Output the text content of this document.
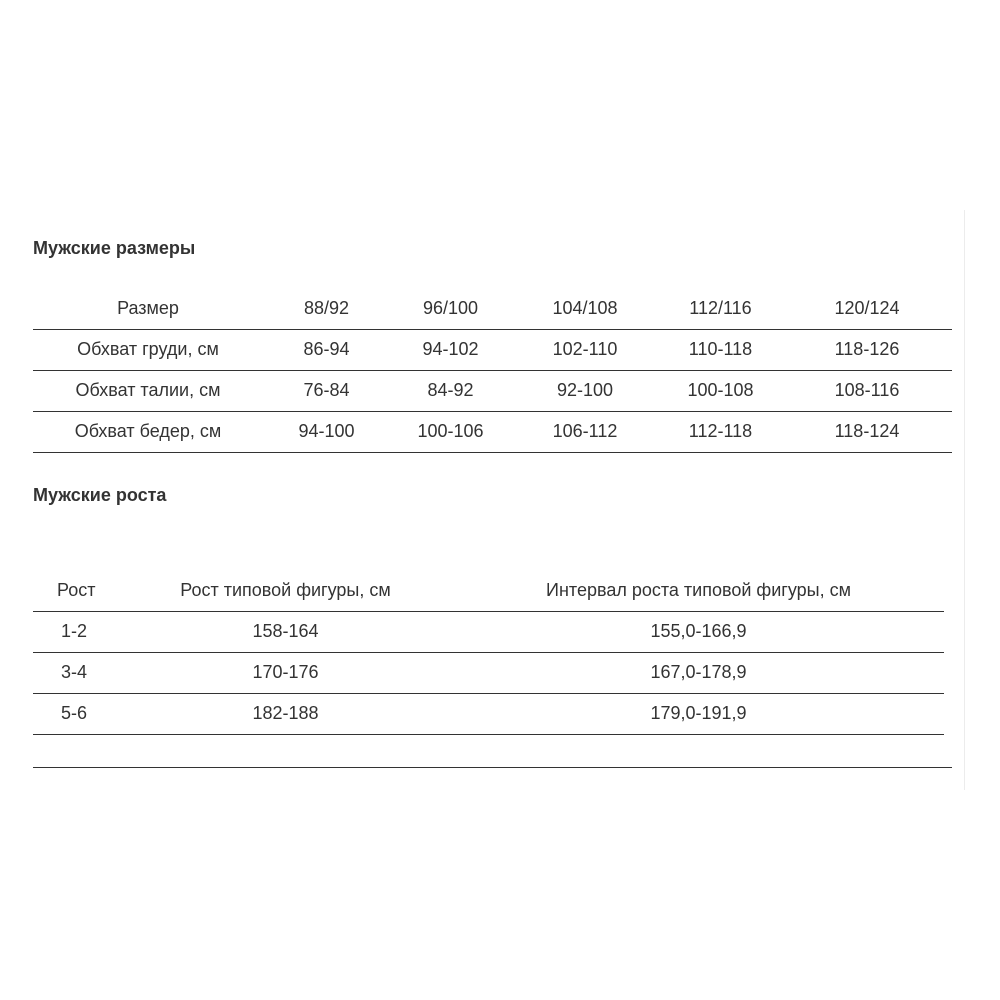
Мужские размеры
Размер	88/92	96/100	104/108	112/116	120/124
Обхват груди, см	86-94	94-102	102-110	110-118	118-126
Обхват талии, см	76-84	84-92	92-100	100-108	108-116
Обхват бедер, см	94-100	100-106	106-112	112-118	118-124
Мужские роста
Рост	Рост типовой фигуры, см	Интервал роста типовой фигуры, см
1-2	158-164	155,0-166,9
3-4	170-176	167,0-178,9
5-6	182-188	179,0-191,9
